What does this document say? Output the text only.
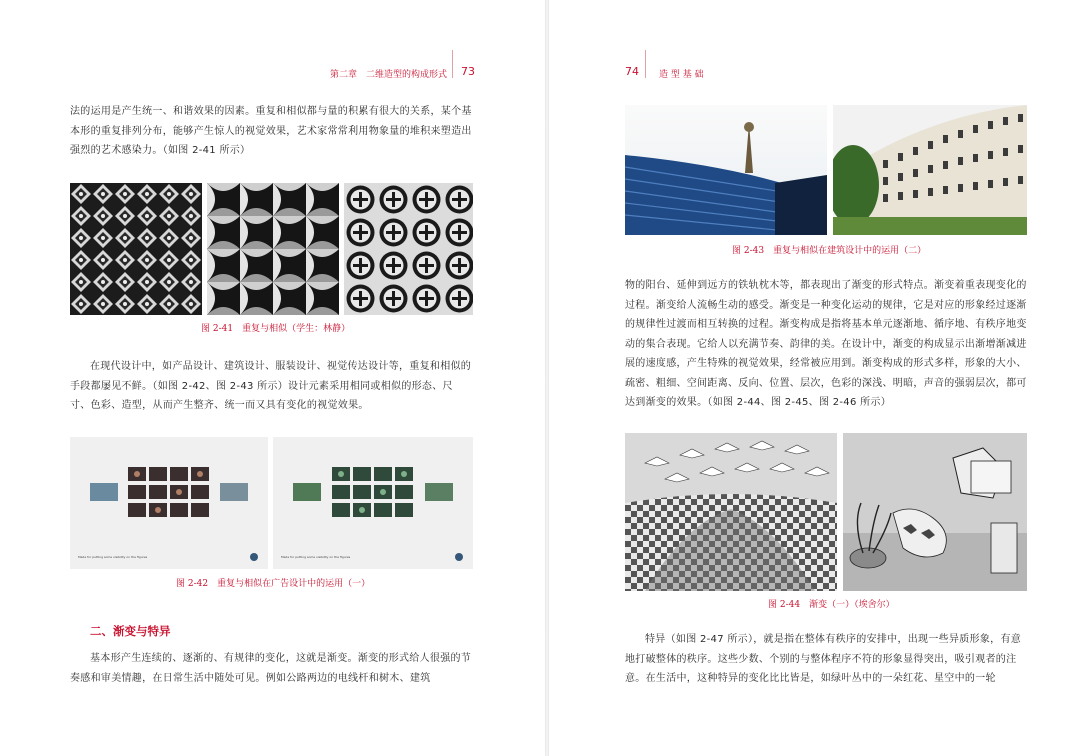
第二章　二维造型的构成形式 73

法的运用是产生统一、和谐效果的因素。重复和相似都与量的积累有很大的关系，某个基本形的重复排列分布，能够产生惊人的视觉效果，艺术家常常利用物象量的堆积来塑造出强烈的艺术感染力。（如图 2-41 所示）

图 2-41　重复与相似（学生：林静）

在现代设计中，如产品设计、建筑设计、服装设计、视觉传达设计等，重复和相似的手段都屡见不鲜。（如图 2-42、图 2-43 所示）设计元素采用相同或相似的形态、尺寸、色彩、造型，从而产生整齐、统一而又具有变化的视觉效果。

Made for putting some visibility on the figures	Made for putting some visibility on the figures
图 2-42　重复与相似在广告设计中的运用（一）
二、渐变与特异

基本形产生连续的、逐渐的、有规律的变化，这就是渐变。渐变的形式给人很强的节奏感和审美情趣，在日常生活中随处可见。例如公路两边的电线杆和树木、建筑

74 造 型 基 础
图 2-43　重复与相似在建筑设计中的运用（二）

物的阳台、延伸到远方的铁轨枕木等，都表现出了渐变的形式特点。渐变着重表现变化的过程。渐变给人流畅生动的感受。渐变是一种变化运动的规律，它是对应的形象经过逐渐的规律性过渡而相互转换的过程。渐变构成是指将基本单元逐渐地、循序地、有秩序地变动的集合表现。它给人以充满节奏、韵律的美。在设计中，渐变的构成显示出渐增渐减进展的速度感，产生特殊的视觉效果，经常被应用到。渐变构成的形式多样，形象的大小、疏密、粗细、空间距离、反向、位置、层次，色彩的深浅、明暗，声音的强弱层次，都可达到渐变的效果。（如图 2-44、图 2-45、图 2-46 所示）

图 2-44　渐变（一）（埃舍尔）

特异（如图 2-47 所示），就是指在整体有秩序的安排中，出现一些异质形象，有意地打破整体的秩序。这些少数、个别的与整体程序不符的形象显得突出，吸引观者的注意。在生活中，这种特异的变化比比皆是，如绿叶丛中的一朵红花、星空中的一轮
